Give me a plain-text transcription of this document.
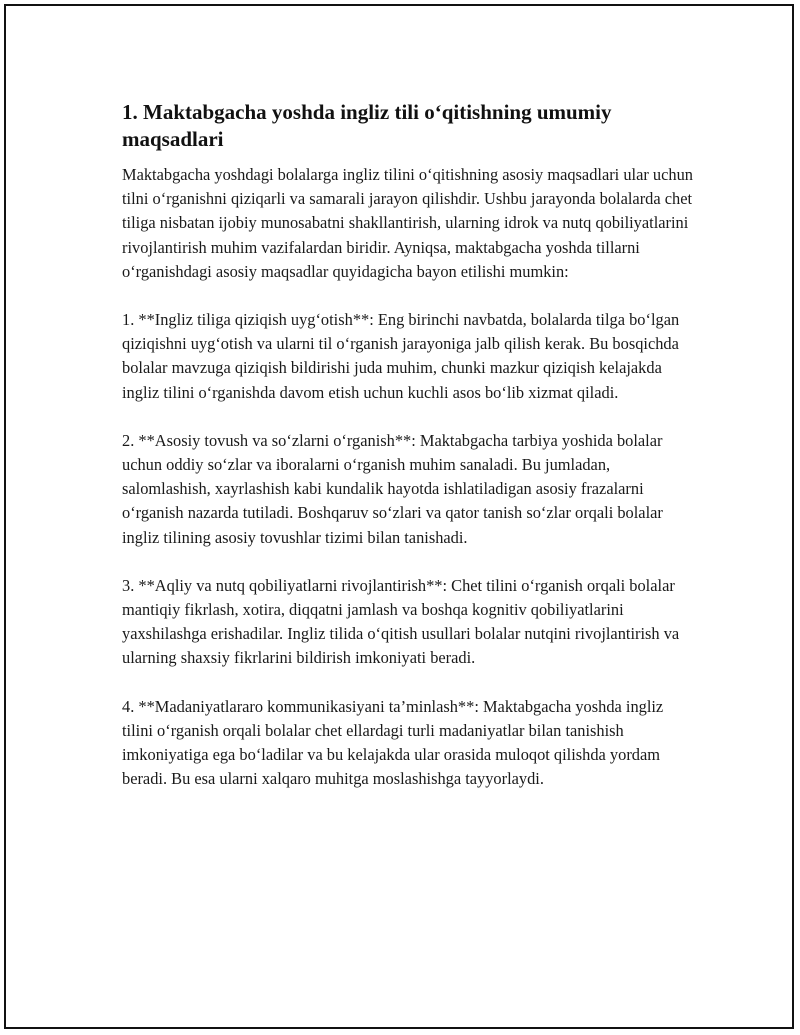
1. Maktabgacha yoshda ingliz tili o‘qitishning umumiy maqsadlari

Maktabgacha yoshdagi bolalarga ingliz tilini o‘qitishning asosiy maqsadlari ular uchun tilni o‘rganishni qiziqarli va samarali jarayon qilishdir. Ushbu jarayonda bolalarda chet tiliga nisbatan ijobiy munosabatni shakllantirish, ularning idrok va nutq qobiliyatlarini rivojlantirish muhim vazifalardan biridir. Ayniqsa, maktabgacha yoshda tillarni o‘rganishdagi asosiy maqsadlar quyidagicha bayon etilishi mumkin:

1. **Ingliz tiliga qiziqish uyg‘otish**: Eng birinchi navbatda, bolalarda tilga bo‘lgan qiziqishni uyg‘otish va ularni til o‘rganish jarayoniga jalb qilish kerak. Bu bosqichda bolalar mavzuga qiziqish bildirishi juda muhim, chunki mazkur qiziqish kelajakda ingliz tilini o‘rganishda davom etish uchun kuchli asos bo‘lib xizmat qiladi.

2. **Asosiy tovush va so‘zlarni o‘rganish**: Maktabgacha tarbiya yoshida bolalar uchun oddiy so‘zlar va iboralarni o‘rganish muhim sanaladi. Bu jumladan, salomlashish, xayrlashish kabi kundalik hayotda ishlatiladigan asosiy frazalarni o‘rganish nazarda tutiladi. Boshqaruv so‘zlari va qator tanish so‘zlar orqali bolalar ingliz tilining asosiy tovushlar tizimi bilan tanishadi.

3. **Aqliy va nutq qobiliyatlarni rivojlantirish**: Chet tilini o‘rganish orqali bolalar mantiqiy fikrlash, xotira, diqqatni jamlash va boshqa kognitiv qobiliyatlarini yaxshilashga erishadilar. Ingliz tilida o‘qitish usullari bolalar nutqini rivojlantirish va ularning shaxsiy fikrlarini bildirish imkoniyati beradi.

4. **Madaniyatlararo kommunikasiyani ta’minlash**: Maktabgacha yoshda ingliz tilini o‘rganish orqali bolalar chet ellardagi turli madaniyatlar bilan tanishish imkoniyatiga ega bo‘ladilar va bu kelajakda ular orasida muloqot qilishda yordam beradi. Bu esa ularni xalqaro muhitga moslashishga tayyorlaydi.
